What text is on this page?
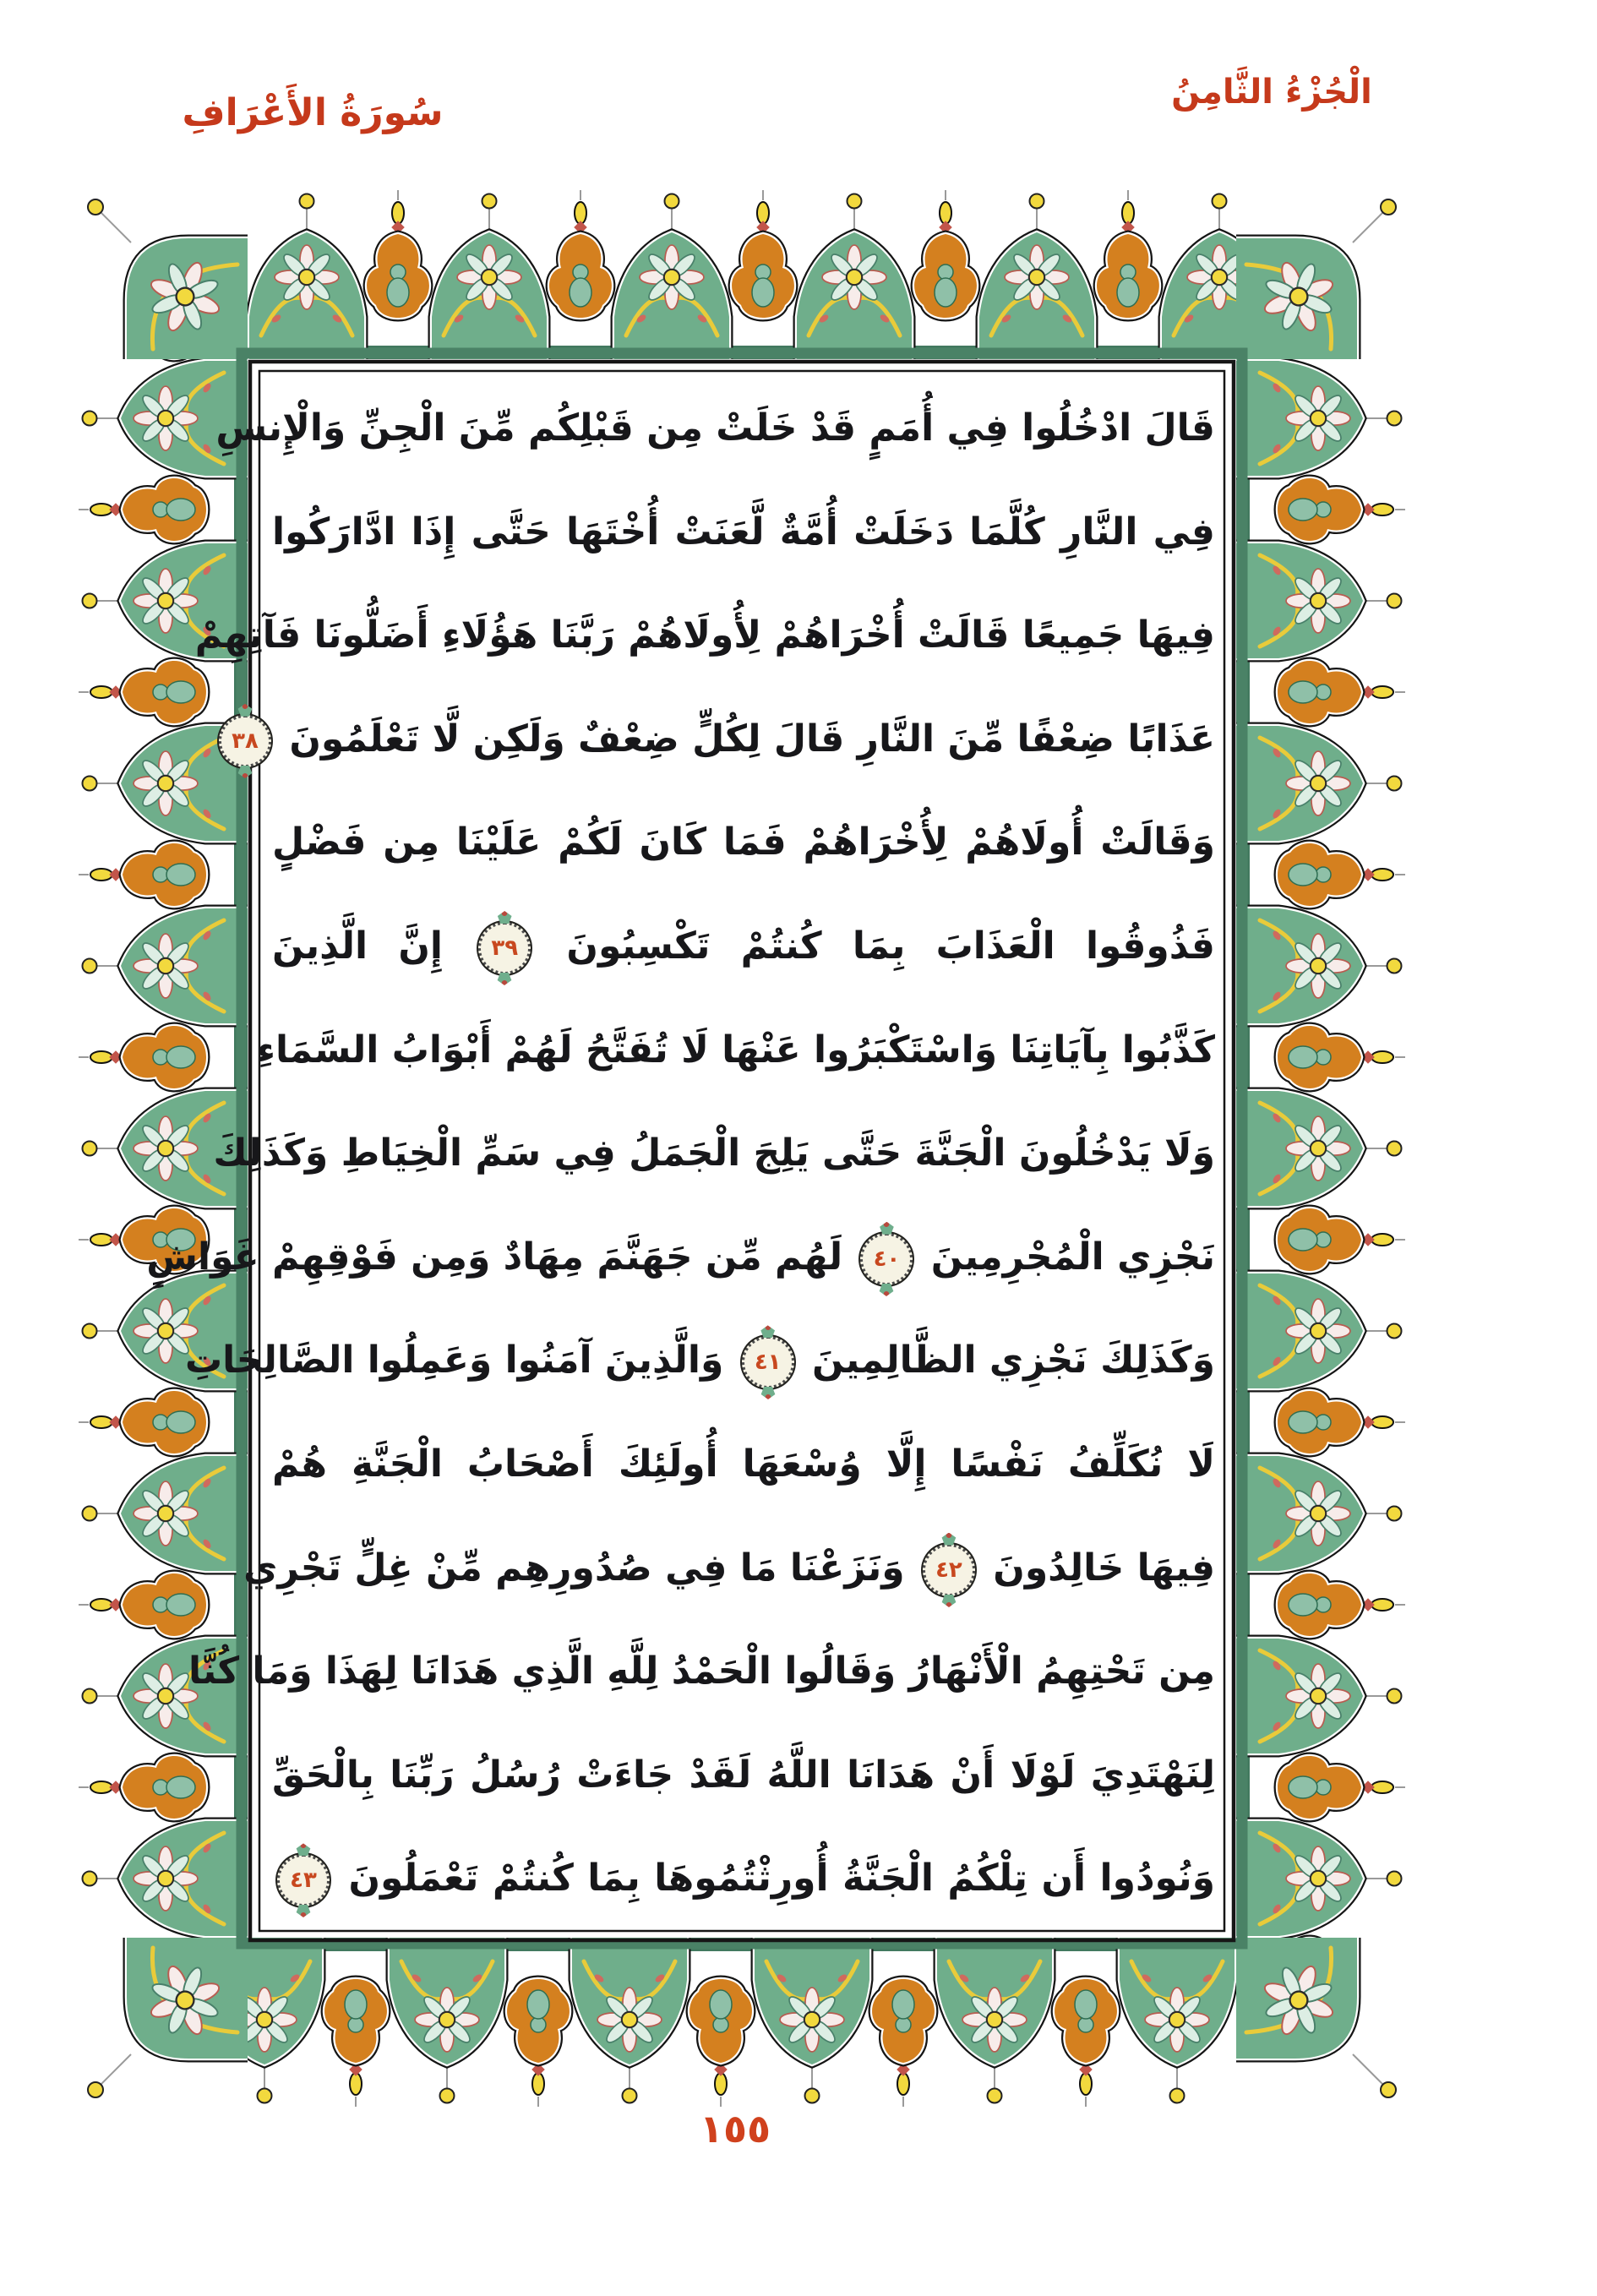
سُورَةُ الأَعْرَافِ	الْجُزْءُ الثَّامِنُ
قَالَ ادْخُلُوا فِي أُمَمٍ قَدْ خَلَتْ مِن قَبْلِكُم مِّنَ الْجِنِّ وَالْإِنسِ
فِي النَّارِ كُلَّمَا دَخَلَتْ أُمَّةٌ لَّعَنَتْ أُخْتَهَا حَتَّى إِذَا ادَّارَكُوا
فِيهَا جَمِيعًا قَالَتْ أُخْرَاهُمْ لِأُولَاهُمْ رَبَّنَا هَؤُلَاءِ أَضَلُّونَا فَآتِهِمْ
عَذَابًا ضِعْفًا مِّنَ النَّارِ قَالَ لِكُلٍّ ضِعْفٌ وَلَكِن لَّا تَعْلَمُونَ
٣٨
وَقَالَتْ أُولَاهُمْ لِأُخْرَاهُمْ فَمَا كَانَ لَكُمْ عَلَيْنَا مِن فَضْلٍ
فَذُوقُوا الْعَذَابَ بِمَا كُنتُمْ تَكْسِبُونَ
٣٩
إِنَّ الَّذِينَ
كَذَّبُوا بِآيَاتِنَا وَاسْتَكْبَرُوا عَنْهَا لَا تُفَتَّحُ لَهُمْ أَبْوَابُ السَّمَاءِ
وَلَا يَدْخُلُونَ الْجَنَّةَ حَتَّى يَلِجَ الْجَمَلُ فِي سَمِّ الْخِيَاطِ وَكَذَلِكَ
نَجْزِي الْمُجْرِمِينَ
٤٠
لَهُم مِّن جَهَنَّمَ مِهَادٌ وَمِن فَوْقِهِمْ غَوَاشٍ
وَكَذَلِكَ نَجْزِي الظَّالِمِينَ
٤١
وَالَّذِينَ آمَنُوا وَعَمِلُوا الصَّالِحَاتِ
لَا نُكَلِّفُ نَفْسًا إِلَّا وُسْعَهَا أُولَئِكَ أَصْحَابُ الْجَنَّةِ هُمْ
فِيهَا خَالِدُونَ
٤٢
وَنَزَعْنَا مَا فِي صُدُورِهِم مِّنْ غِلٍّ تَجْرِي
مِن تَحْتِهِمُ الْأَنْهَارُ وَقَالُوا الْحَمْدُ لِلَّهِ الَّذِي هَدَانَا لِهَذَا وَمَا كُنَّا
لِنَهْتَدِيَ لَوْلَا أَنْ هَدَانَا اللَّهُ لَقَدْ جَاءَتْ رُسُلُ رَبِّنَا بِالْحَقِّ
وَنُودُوا أَن تِلْكُمُ الْجَنَّةُ أُورِثْتُمُوهَا بِمَا كُنتُمْ تَعْمَلُونَ
٤٣
١٥٥
